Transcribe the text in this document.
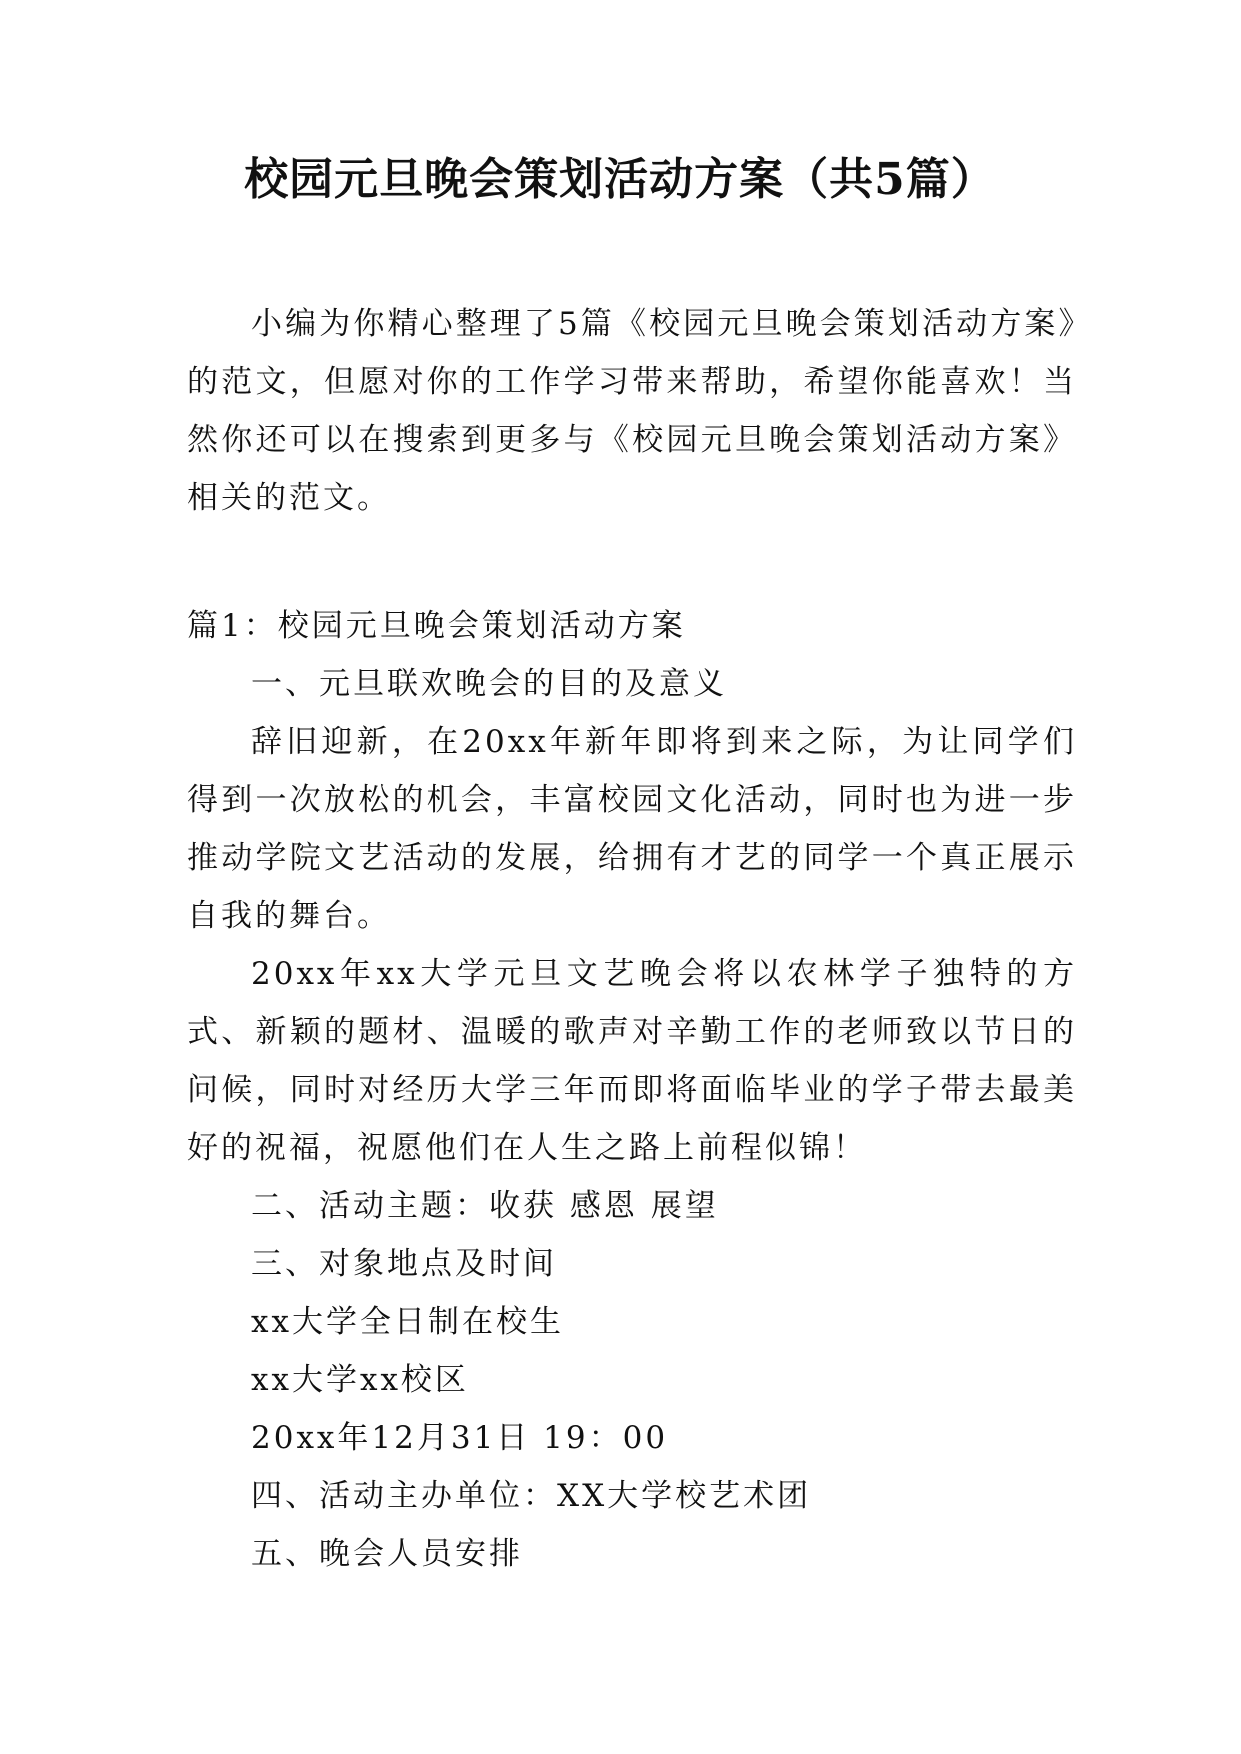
校园元旦晚会策划活动方案（共5篇）

小编为你精心整理了5篇《校园元旦晚会策划活动方案》的范文，但愿对你的工作学习带来帮助，希望你能喜欢！当然你还可以在搜索到更多与《校园元旦晚会策划活动方案》相关的范文。

篇1：校园元旦晚会策划活动方案

一、元旦联欢晚会的目的及意义

辞旧迎新，在20xx年新年即将到来之际，为让同学们得到一次放松的机会，丰富校园文化活动，同时也为进一步推动学院文艺活动的发展，给拥有才艺的同学一个真正展示自我的舞台。

20xx年xx大学元旦文艺晚会将以农林学子独特的方式、新颖的题材、温暖的歌声对辛勤工作的老师致以节日的问候，同时对经历大学三年而即将面临毕业的学子带去最美好的祝福，祝愿他们在人生之路上前程似锦！

二、活动主题：收获 感恩 展望

三、对象地点及时间

xx大学全日制在校生

xx大学xx校区

20xx年12月31日 19：00

四、活动主办单位：XX大学校艺术团

五、晚会人员安排
